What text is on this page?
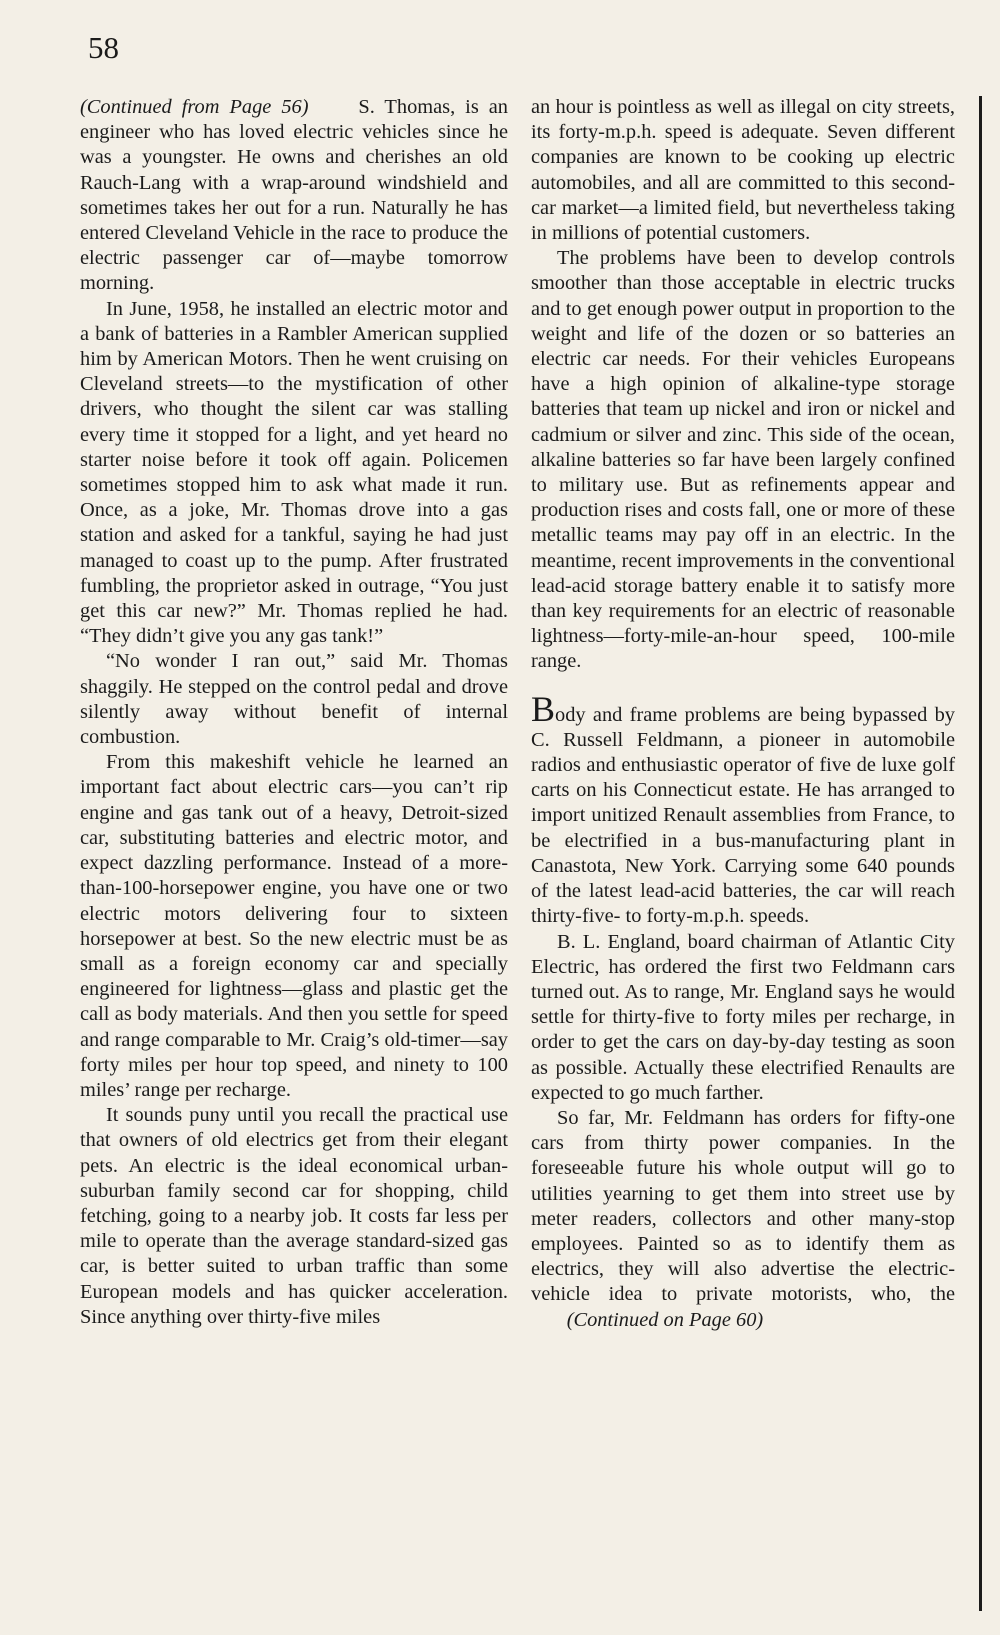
58

(Continued from Page 56) S. Thomas, is an engineer who has loved electric vehicles since he was a youngster. He owns and cherishes an old Rauch-Lang with a wrap-around windshield and sometimes takes her out for a run. Naturally he has entered Cleveland Vehicle in the race to produce the electric passenger car of—maybe tomorrow morning.

In June, 1958, he installed an electric motor and a bank of batteries in a Rambler American supplied him by American Motors. Then he went cruising on Cleveland streets—to the mystification of other drivers, who thought the silent car was stalling every time it stopped for a light, and yet heard no starter noise before it took off again. Policemen sometimes stopped him to ask what made it run. Once, as a joke, Mr. Thomas drove into a gas station and asked for a tankful, saying he had just managed to coast up to the pump. After frustrated fumbling, the proprietor asked in outrage, “You just get this car new?” Mr. Thomas replied he had. “They didn’t give you any gas tank!”

“No wonder I ran out,” said Mr. Thomas shaggily. He stepped on the control pedal and drove silently away without benefit of internal combustion.

From this makeshift vehicle he learned an important fact about electric cars—you can’t rip engine and gas tank out of a heavy, Detroit-sized car, substituting batteries and electric motor, and expect dazzling performance. Instead of a more-than-100-horsepower engine, you have one or two electric motors delivering four to sixteen horsepower at best. So the new electric must be as small as a foreign economy car and specially engineered for lightness—glass and plastic get the call as body materials. And then you settle for speed and range comparable to Mr. Craig’s old-timer—say forty miles per hour top speed, and ninety to 100 miles’ range per recharge.

It sounds puny until you recall the practical use that owners of old electrics get from their elegant pets. An electric is the ideal economical urban-suburban family second car for shopping, child fetching, going to a nearby job. It costs far less per mile to operate than the average standard-sized gas car, is better suited to urban traffic than some European models and has quicker acceleration. Since anything over thirty-five miles

an hour is pointless as well as illegal on city streets, its forty-m.p.h. speed is adequate. Seven different companies are known to be cooking up electric automobiles, and all are committed to this second-car market—a limited field, but nevertheless taking in millions of potential customers.

The problems have been to develop controls smoother than those acceptable in electric trucks and to get enough power output in proportion to the weight and life of the dozen or so batteries an electric car needs. For their vehicles Europeans have a high opinion of alkaline-type storage batteries that team up nickel and iron or nickel and cadmium or silver and zinc. This side of the ocean, alkaline batteries so far have been largely confined to military use. But as refinements appear and production rises and costs fall, one or more of these metallic teams may pay off in an electric. In the meantime, recent improvements in the conventional lead-acid storage battery enable it to satisfy more than key requirements for an electric of reasonable lightness—forty-mile-an-hour speed, 100-mile range.

Body and frame problems are being bypassed by C. Russell Feldmann, a pioneer in automobile radios and enthusiastic operator of five de luxe golf carts on his Connecticut estate. He has arranged to import unitized Renault assemblies from France, to be electrified in a bus-manufacturing plant in Canastota, New York. Carrying some 640 pounds of the latest lead-acid batteries, the car will reach thirty-five- to forty-m.p.h. speeds.

B. L. England, board chairman of Atlantic City Electric, has ordered the first two Feldmann cars turned out. As to range, Mr. England says he would settle for thirty-five to forty miles per recharge, in order to get the cars on day-by-day testing as soon as possible. Actually these electrified Renaults are expected to go much farther.

So far, Mr. Feldmann has orders for fifty-one cars from thirty power companies. In the foreseeable future his whole output will go to utilities yearning to get them into street use by meter readers, collectors and other many-stop employees. Painted so as to identify them as electrics, they will also advertise the electric-vehicle idea to private motorists, who, the        (Continued on Page 60)
